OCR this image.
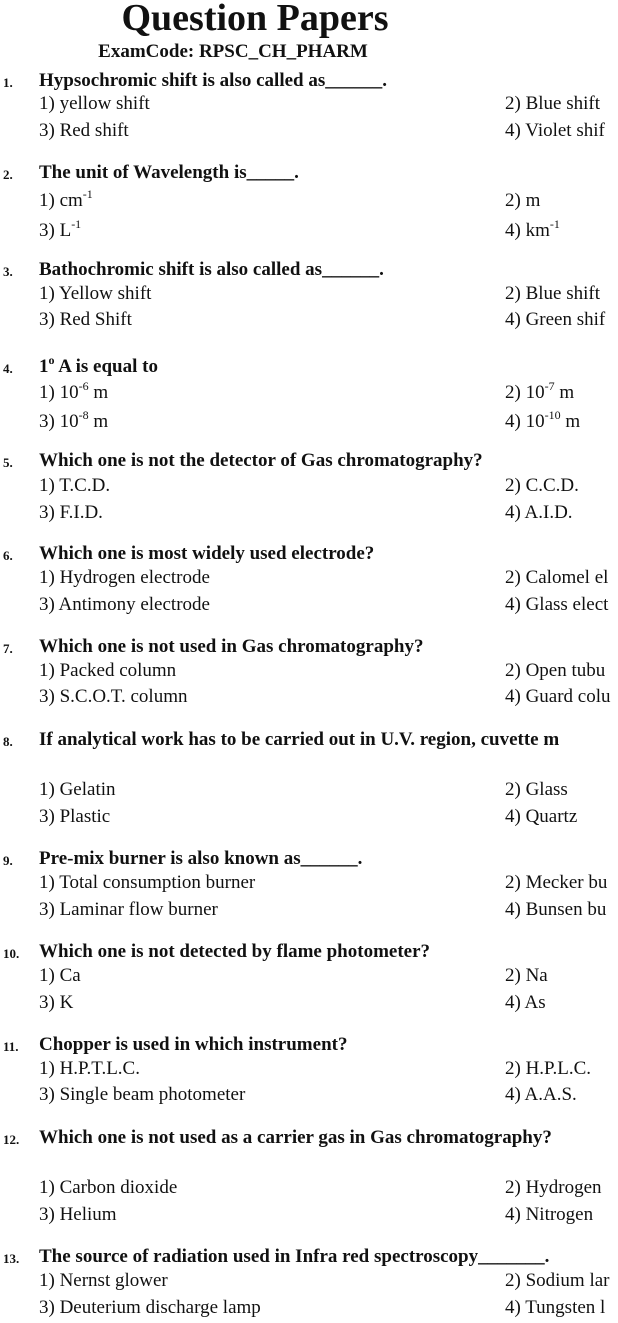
Question Papers
ExamCode: RPSC_CH_PHARM
1. Hypsochromic shift is also called as______.
1) yellow shift	2) Blue shift
3) Red shift	4) Violet shif
2. The unit of Wavelength is_____.
1) $cm^{-1}$	2) m
3) $L^{-1}$	4) $km^{-1}$
3. Bathochromic shift is also called as______.
1) Yellow shift	2) Blue shift
3) Red Shift	4) Green shif
4. 1$^o$ A is equal to
1) $10^{-6}$ m	2) $10^{-7}$ m
3) $10^{-8}$ m	4) $10^{-10}$ m
5. Which one is not the detector of Gas chromatography?
1) T.C.D.	2) C.C.D.
3) F.I.D.	4) A.I.D.
6. Which one is most widely used electrode?
1) Hydrogen electrode	2) Calomel el
3) Antimony electrode	4) Glass elect
7. Which one is not used in Gas chromatography?
1) Packed column	2) Open tubu
3) S.C.O.T. column	4) Guard colu
8. If analytical work has to be carried out in U.V. region, cuvette m
1) Gelatin	2) Glass
3) Plastic	4) Quartz
9. Pre-mix burner is also known as______.
1) Total consumption burner	2) Mecker bu
3) Laminar flow burner	4) Bunsen bu
10. Which one is not detected by flame photometer?
1) Ca	2) Na
3) K	4) As
11. Chopper is used in which instrument?
1) H.P.T.L.C.	2) H.P.L.C.
3) Single beam photometer	4) A.A.S.
12. Which one is not used as a carrier gas in Gas chromatography?
1) Carbon dioxide	2) Hydrogen
3) Helium	4) Nitrogen
13. The source of radiation used in Infra red spectroscopy_______.
1) Nernst glower	2) Sodium lar
3) Deuterium discharge lamp	4) Tungsten l
